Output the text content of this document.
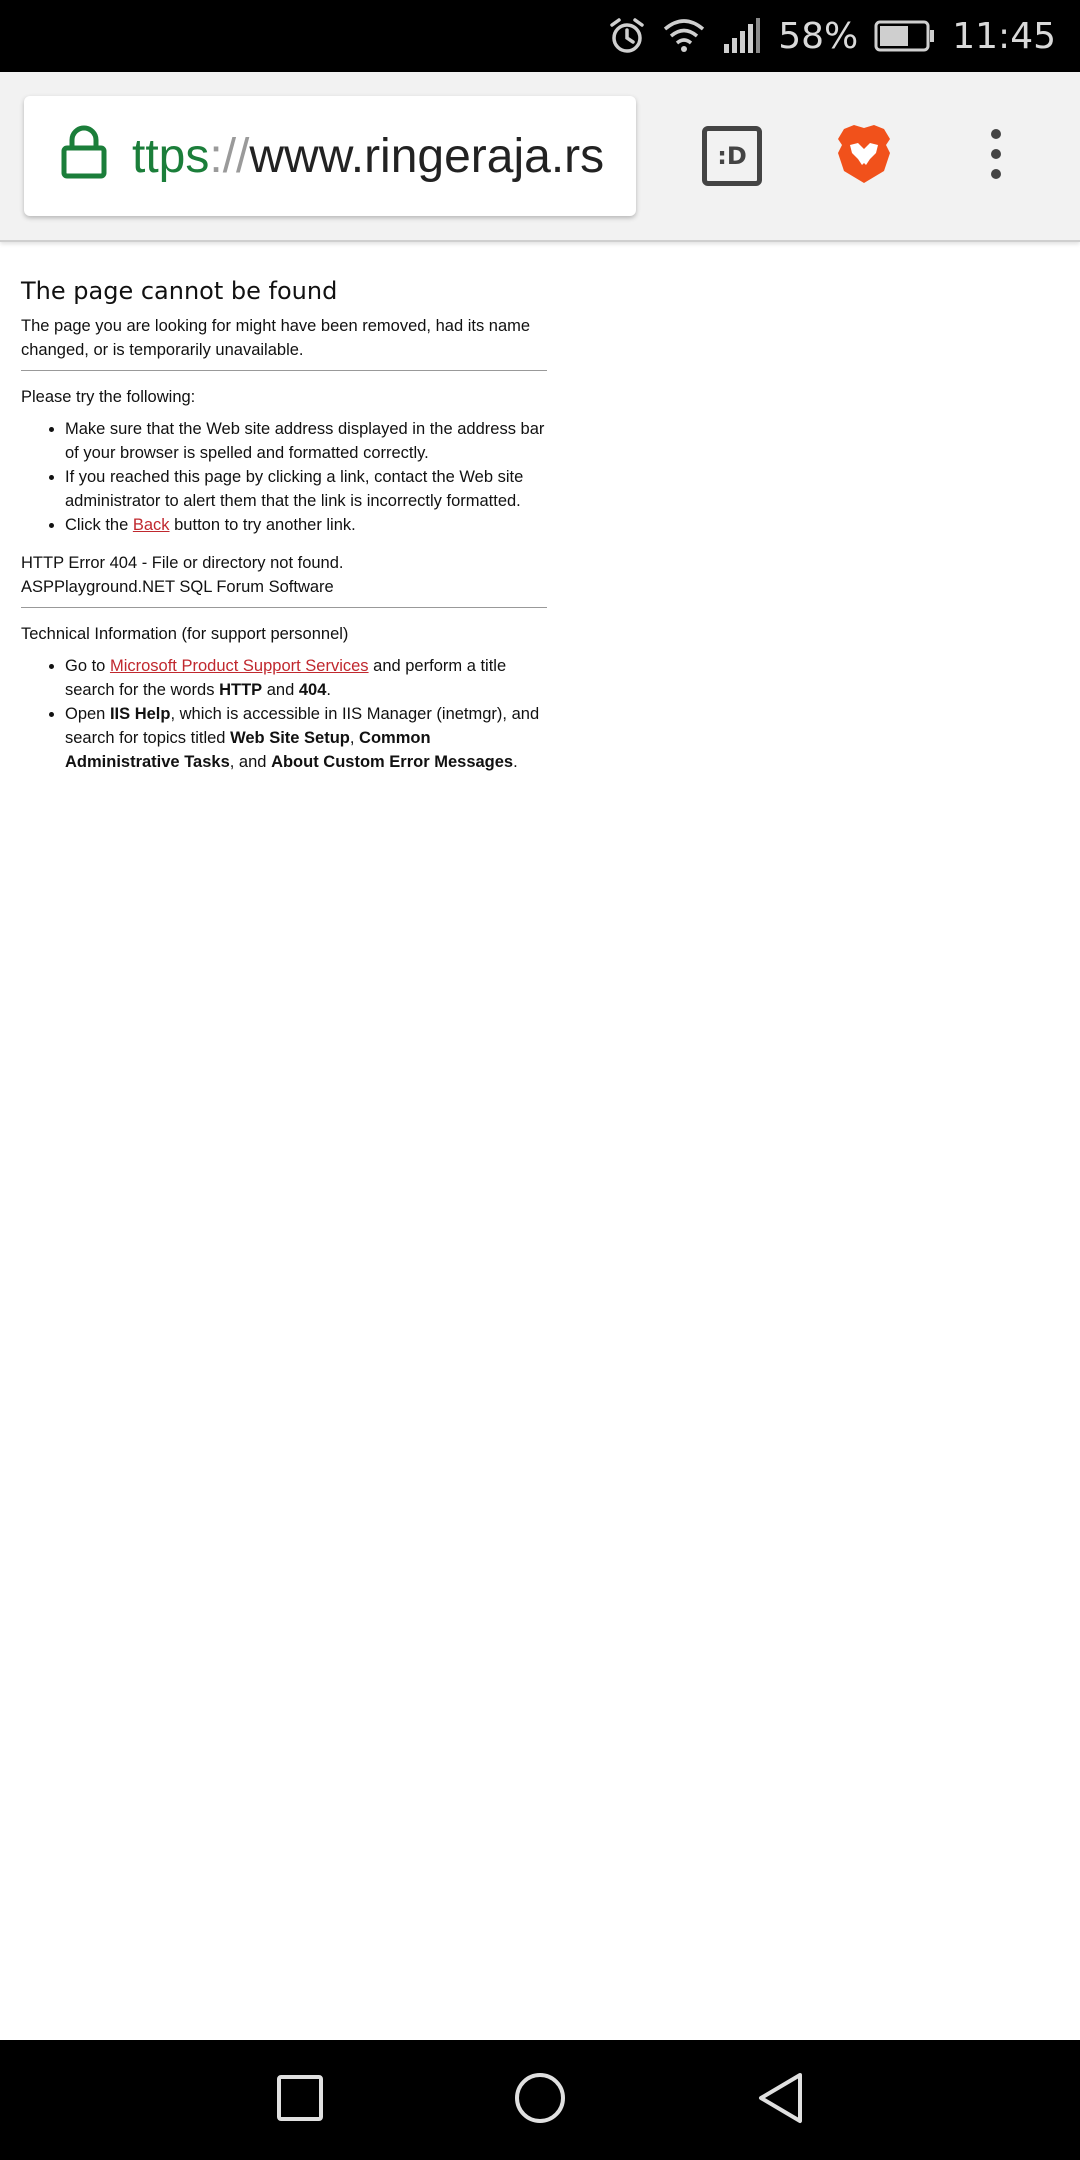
58%	11:45
ttps :// www.ringeraja.rs	:D
The page cannot be found

The page you are looking for might have been removed, had its name changed, or is temporarily unavailable.

Please try the following:

• Make sure that the Web site address displayed in the address bar of your browser is spelled and formatted correctly.
• If you reached this page by clicking a link, contact the Web site administrator to alert them that the link is incorrectly formatted.
• Click the Back button to try another link.

HTTP Error 404 - File or directory not found.

ASPPlayground.NET SQL Forum Software

Technical Information (for support personnel)

• Go to Microsoft Product Support Services and perform a title search for the words HTTP and 404.
• Open IIS Help, which is accessible in IIS Manager (inetmgr), and search for topics titled Web Site Setup, Common Administrative Tasks, and About Custom Error Messages.
